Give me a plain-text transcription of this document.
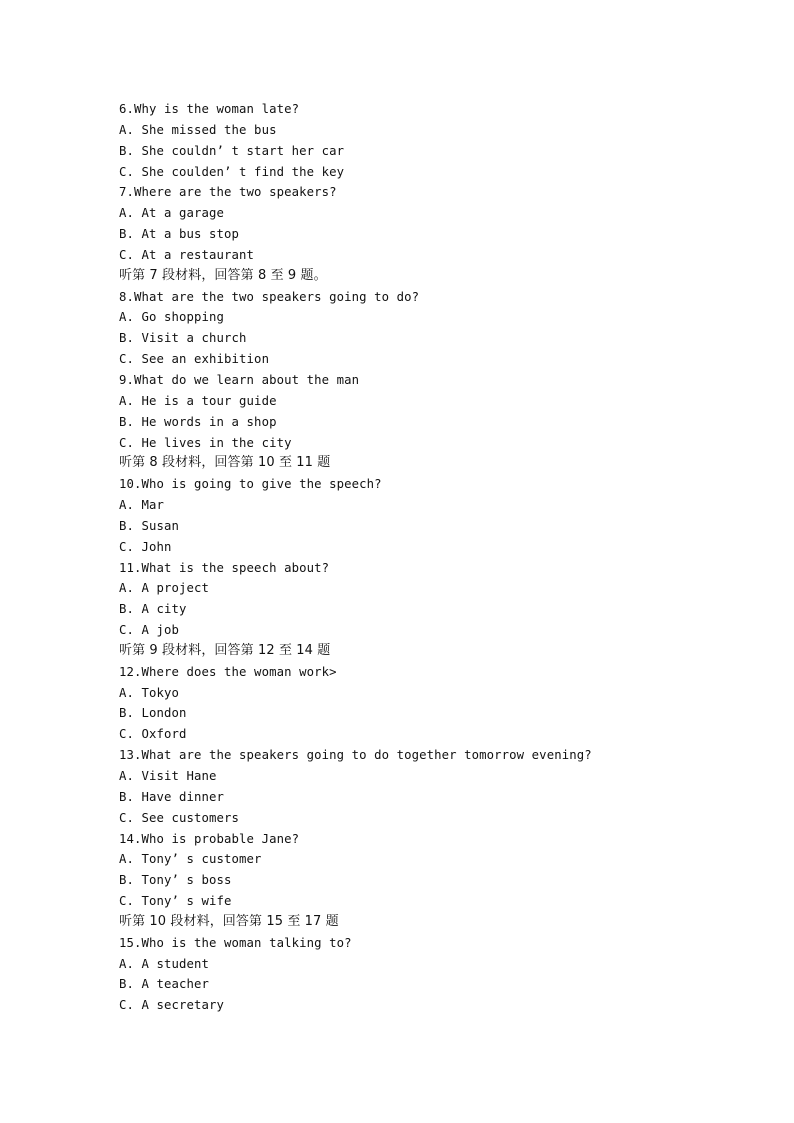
6.Why is the woman late?
A. She missed the bus
B. She couldn’ t start her car
C. She coulden’ t find the key
7.Where are the two speakers?
A. At a garage
B. At a bus stop
C. At a restaurant
听第 7 段材料，回答第 8 至 9 题。
8.What are the two speakers going to do?
A. Go shopping
B. Visit a church
C. See an exhibition
9.What do we learn about the man
A. He is a tour guide
B. He words in a shop
C. He lives in the city
听第 8 段材料，回答第 10 至 11 题
10.Who is going to give the speech?
A. Mar
B. Susan
C. John
11.What is the speech about?
A. A project
B. A city
C. A job
听第 9 段材料，回答第 12 至 14 题
12.Where does the woman work>
A. Tokyo
B. London
C. Oxford
13.What are the speakers going to do together tomorrow evening?
A. Visit Hane
B. Have dinner
C. See customers
14.Who is probable Jane?
A. Tony’ s customer
B. Tony’ s boss
C. Tony’ s wife
听第 10 段材料，回答第 15 至 17 题
15.Who is the woman talking to?
A. A student
B. A teacher
C. A secretary
